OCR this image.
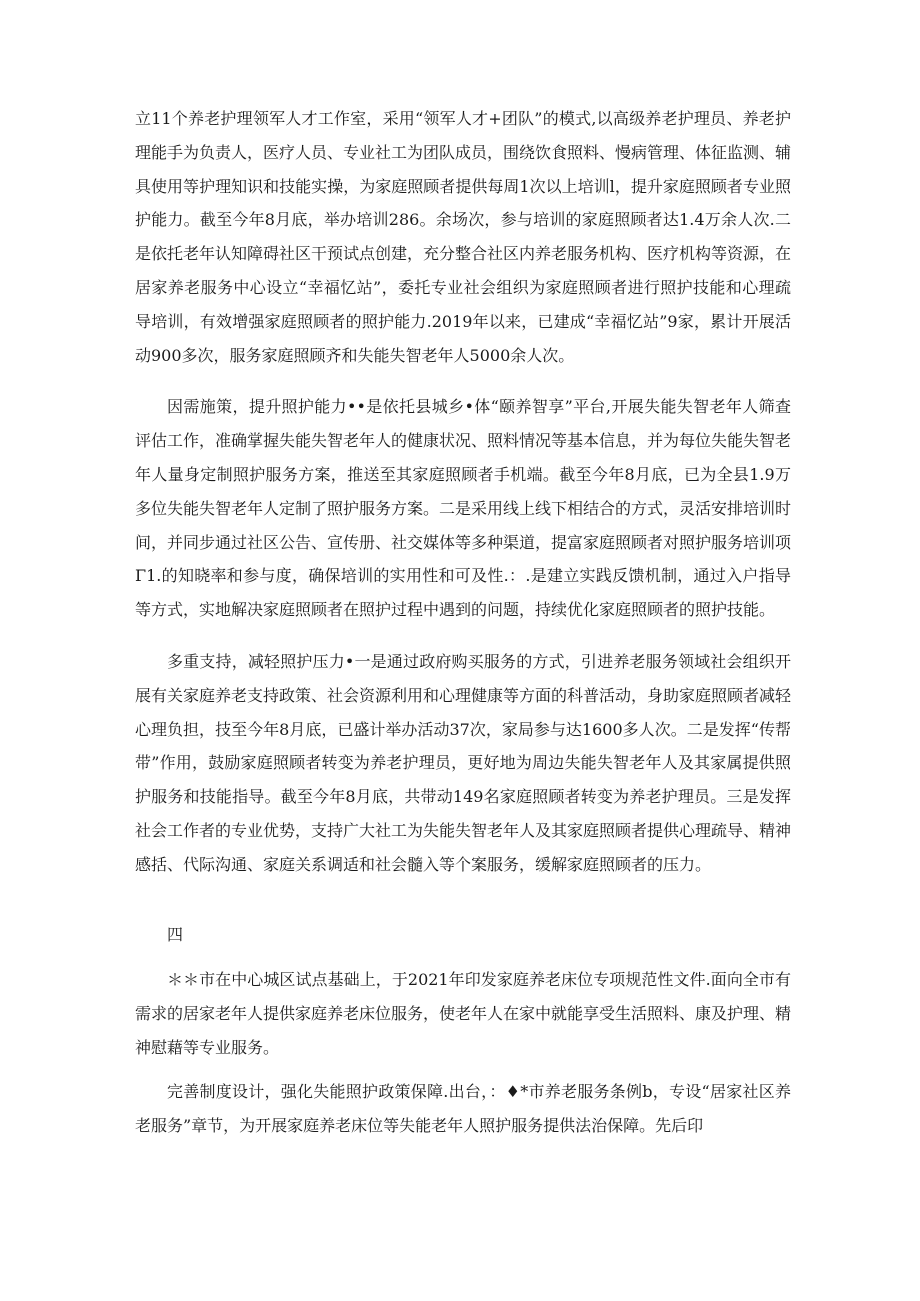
立11个养老护理领军人才工作室，采用“领军人才+团队”的模式,以高级养老护理员、养老护理能手为负责人，医疗人员、专业社工为团队成员，围绕饮食照料、慢病管理、体征监测、辅具使用等护理知识和技能实操，为家庭照顾者提供每周1次以上培训l，提升家庭照顾者专业照护能力。截至今年8月底，举办培训286。余场次，参与培训的家庭照顾者达1.4万余人次.二是依托老年认知障碍社区干预试点创建，充分整合社区内养老服务机构、医疗机构等资源，在居家养老服务中心设立“幸福忆站”，委托专业社会组织为家庭照顾者进行照护技能和心理疏导培训，有效增强家庭照顾者的照护能力.2019年以来，已建成“幸福忆站”9家，累计开展活动900多次，服务家庭照顾齐和失能失智老年人5000余人次。

因需施策，提升照护能力••是依托县城乡•体“颐养智享”平台,开展失能失智老年人筛查评估工作，准确掌握失能失智老年人的健康状况、照料情况等基本信息，并为每位失能失智老年人量身定制照护服务方案，推送至其家庭照顾者手机端。截至今年8月底，已为全县1.9万多位失能失智老年人定制了照护服务方案。二是采用线上线下相结合的方式，灵活安排培训时间，并同步通过社区公告、宣传册、社交媒体等多种渠道，提富家庭照顾者对照护服务培训项Γ1.的知晓率和参与度，确保培训的实用性和可及性.：.是建立实践反馈机制，通过入户指导等方式，实地解决家庭照顾者在照护过程中遇到的问题，持续优化家庭照顾者的照护技能。

多重支持，减轻照护压力•一是通过政府购买服务的方式，引进养老服务领域社会组织开展有关家庭养老支持政策、社会资源利用和心理健康等方面的科普活动，身助家庭照顾者减轻心理负担，技至今年8月底，已盛计举办活动37次，家局参与达1600多人次。二是发挥“传帮带”作用，鼓励家庭照顾者转变为养老护理员，更好地为周边失能失智老年人及其家属提供照护服务和技能指导。截至今年8月底，共带动149名家庭照顾者转变为养老护理员。三是发挥社会工作者的专业优势，支持广大社工为失能失智老年人及其家庭照顾者提供心理疏导、精神感括、代际沟通、家庭关系调适和社会髓入等个案服务，缓解家庭照顾者的压力。

四

＊＊市在中心城区试点基础上，于2021年印发家庭养老床位专项规范性文件.面向全市有需求的居家老年人提供家庭养老床位服务，使老年人在家中就能享受生活照料、康及护理、精神慰藉等专业服务。

完善制度设计，强化失能照护政策保障.出台，：♦*市养老服务条例b，专设“居家社区养老服务”章节，为开展家庭养老床位等失能老年人照护服务提供法治保障。先后印
